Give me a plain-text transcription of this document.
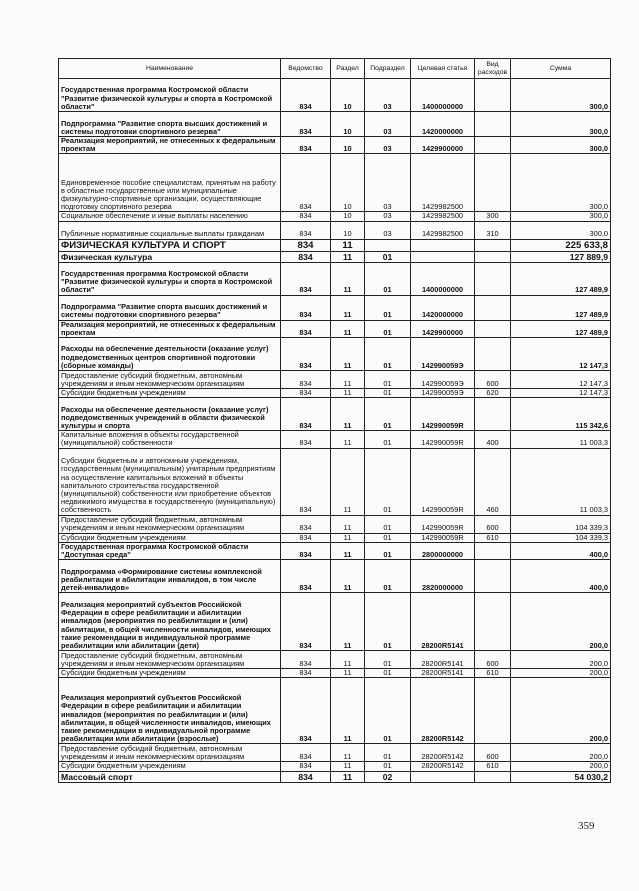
Наименование	Ведомство	Раздел	Подраздел	Целевая статья	Вид расходов	Сумма
Государственная программа Костромской области "Развитие физической культуры и спорта в Костромской области"	834	10	03	1400000000		300,0
Подпрограмма "Развитие спорта высших достижений и системы подготовки спортивного резерва"	834	10	03	1420000000		300,0
Реализация мероприятий, не отнесенных к федеральным проектам	834	10	03	1429900000		300,0
Единовременное пособие специалистам, принятым на работу в областные государственные или муниципальные физкультурно-спортивные организации, осуществляющие подготовку спортивного резерва	834	10	03	1429982500		300,0
Социальное обеспечение и иные выплаты населению	834	10	03	1429982500	300	300,0
Публичные нормативные социальные выплаты гражданам	834	10	03	1429982500	310	300,0
ФИЗИЧЕСКАЯ КУЛЬТУРА И СПОРТ	834	11				225 633,8
Физическая культура	834	11	01			127 889,9
Государственная программа Костромской области "Развитие физической культуры и спорта в Костромской области"	834	11	01	1400000000		127 489,9
Подпрограмма "Развитие спорта высших достижений и системы подготовки спортивного резерва"	834	11	01	1420000000		127 489,9
Реализация мероприятий, не отнесенных к федеральным проектам	834	11	01	1429900000		127 489,9
Расходы на обеспечение деятельности (оказание услуг) подведомственных центров спортивной подготовки (сборные команды)	834	11	01	142990059Э		12 147,3
Предоставление субсидий бюджетным, автономным учреждениям и иным некоммерческим организациям	834	11	01	142990059Э	600	12 147,3
Субсидии бюджетным учреждениям	834	11	01	142990059Э	620	12 147,3
Расходы на обеспечение деятельности (оказание услуг) подведомственных учреждений в области физической культуры и спорта	834	11	01	142990059R		115 342,6
Капитальные вложения в объекты государственной (муниципальной) собственности	834	11	01	142990059R	400	11 003,3
Субсидии бюджетным и автономным учреждениям, государственным (муниципальным) унитарным предприятиям на осуществление капитальных вложений в объекты капитального строительства государственной (муниципальной) собственности или приобретение объектов недвижимого имущества в государственную (муниципальную) собственность	834	11	01	142990059R	460	11 003,3
Предоставление субсидий бюджетным, автономным учреждениям и иным некоммерческим организациям	834	11	01	142990059R	600	104 339,3
Субсидии бюджетным учреждениям	834	11	01	142990059R	610	104 339,3
Государственная программа Костромской области "Доступная среда"	834	11	01	2800000000		400,0
Подпрограмма «Формирование системы комплексной реабилитации и абилитации инвалидов, в том числе детей-инвалидов»	834	11	01	2820000000		400,0
Реализация мероприятий субъектов Российской Федерации в сфере реабилитации и абилитации инвалидов (мероприятия по реабилитации и (или) абилитации, в общей численности инвалидов, имеющих такие рекомендации в индивидуальной программе реабилитации или абилитации (дети)	834	11	01	28200R5141		200,0
Предоставление субсидий бюджетным, автономным учреждениям и иным некоммерческим организациям	834	11	01	28200R5141	600	200,0
Субсидии бюджетным учреждениям	834	11	01	28200R5141	610	200,0
Реализация мероприятий субъектов Российской Федерации в сфере реабилитации и абилитации инвалидов (мероприятия по реабилитации и (или) абилитации, в общей численности инвалидов, имеющих такие рекомендации в индивидуальной программе реабилитации или абилитации (взрослые)	834	11	01	28200R5142		200,0
Предоставление субсидий бюджетным, автономным учреждениям и иным некоммерческим организациям	834	11	01	28200R5142	600	200,0
Субсидии бюджетным учреждениям	834	11	01	28200R5142	610	200,0
Массовый спорт	834	11	02			54 030,2
359
